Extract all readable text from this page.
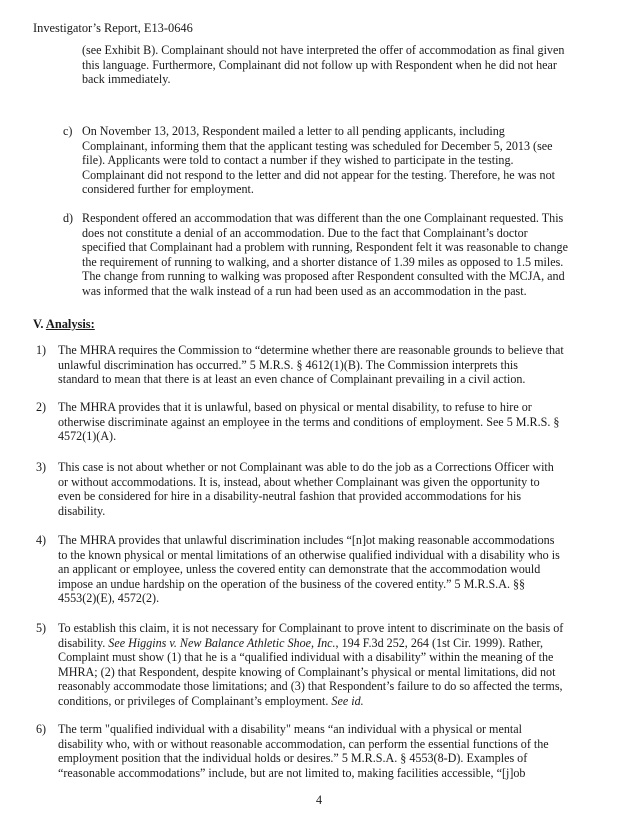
Investigator’s Report, E13-0646
(see Exhibit B). Complainant should not have interpreted the offer of accommodation as final given
this language. Furthermore, Complainant did not follow up with Respondent when he did not hear
back immediately.
c) On November 13, 2013, Respondent mailed a letter to all pending applicants, including
Complainant, informing them that the applicant testing was scheduled for December 5, 2013 (see
file). Applicants were told to contact a number if they wished to participate in the testing.
Complainant did not respond to the letter and did not appear for the testing. Therefore, he was not
considered further for employment.
d) Respondent offered an accommodation that was different than the one Complainant requested. This
does not constitute a denial of an accommodation. Due to the fact that Complainant’s doctor
specified that Complainant had a problem with running, Respondent felt it was reasonable to change
the requirement of running to walking, and a shorter distance of 1.39 miles as opposed to 1.5 miles.
The change from running to walking was proposed after Respondent consulted with the MCJA, and
was informed that the walk instead of a run had been used as an accommodation in the past.
V. Analysis:
1) The MHRA requires the Commission to “determine whether there are reasonable grounds to believe that
unlawful discrimination has occurred.” 5 M.R.S. § 4612(1)(B). The Commission interprets this
standard to mean that there is at least an even chance of Complainant prevailing in a civil action.
2) The MHRA provides that it is unlawful, based on physical or mental disability, to refuse to hire or
otherwise discriminate against an employee in the terms and conditions of employment. See 5 M.R.S. §
4572(1)(A).
3) This case is not about whether or not Complainant was able to do the job as a Corrections Officer with
or without accommodations. It is, instead, about whether Complainant was given the opportunity to
even be considered for hire in a disability-neutral fashion that provided accommodations for his
disability.
4) The MHRA provides that unlawful discrimination includes “[n]ot making reasonable accommodations
to the known physical or mental limitations of an otherwise qualified individual with a disability who is
an applicant or employee, unless the covered entity can demonstrate that the accommodation would
impose an undue hardship on the operation of the business of the covered entity.” 5 M.R.S.A. §§
4553(2)(E), 4572(2).
5) To establish this claim, it is not necessary for Complainant to prove intent to discriminate on the basis of
disability. See Higgins v. New Balance Athletic Shoe, Inc., 194 F.3d 252, 264 (1st Cir. 1999). Rather,
Complaint must show (1) that he is a “qualified individual with a disability” within the meaning of the
MHRA; (2) that Respondent, despite knowing of Complainant’s physical or mental limitations, did not
reasonably accommodate those limitations; and (3) that Respondent’s failure to do so affected the terms,
conditions, or privileges of Complainant’s employment. See id.
6) The term "qualified individual with a disability" means “an individual with a physical or mental
disability who, with or without reasonable accommodation, can perform the essential functions of the
employment position that the individual holds or desires.” 5 M.R.S.A. § 4553(8-D). Examples of
“reasonable accommodations” include, but are not limited to, making facilities accessible, “[j]ob
4
